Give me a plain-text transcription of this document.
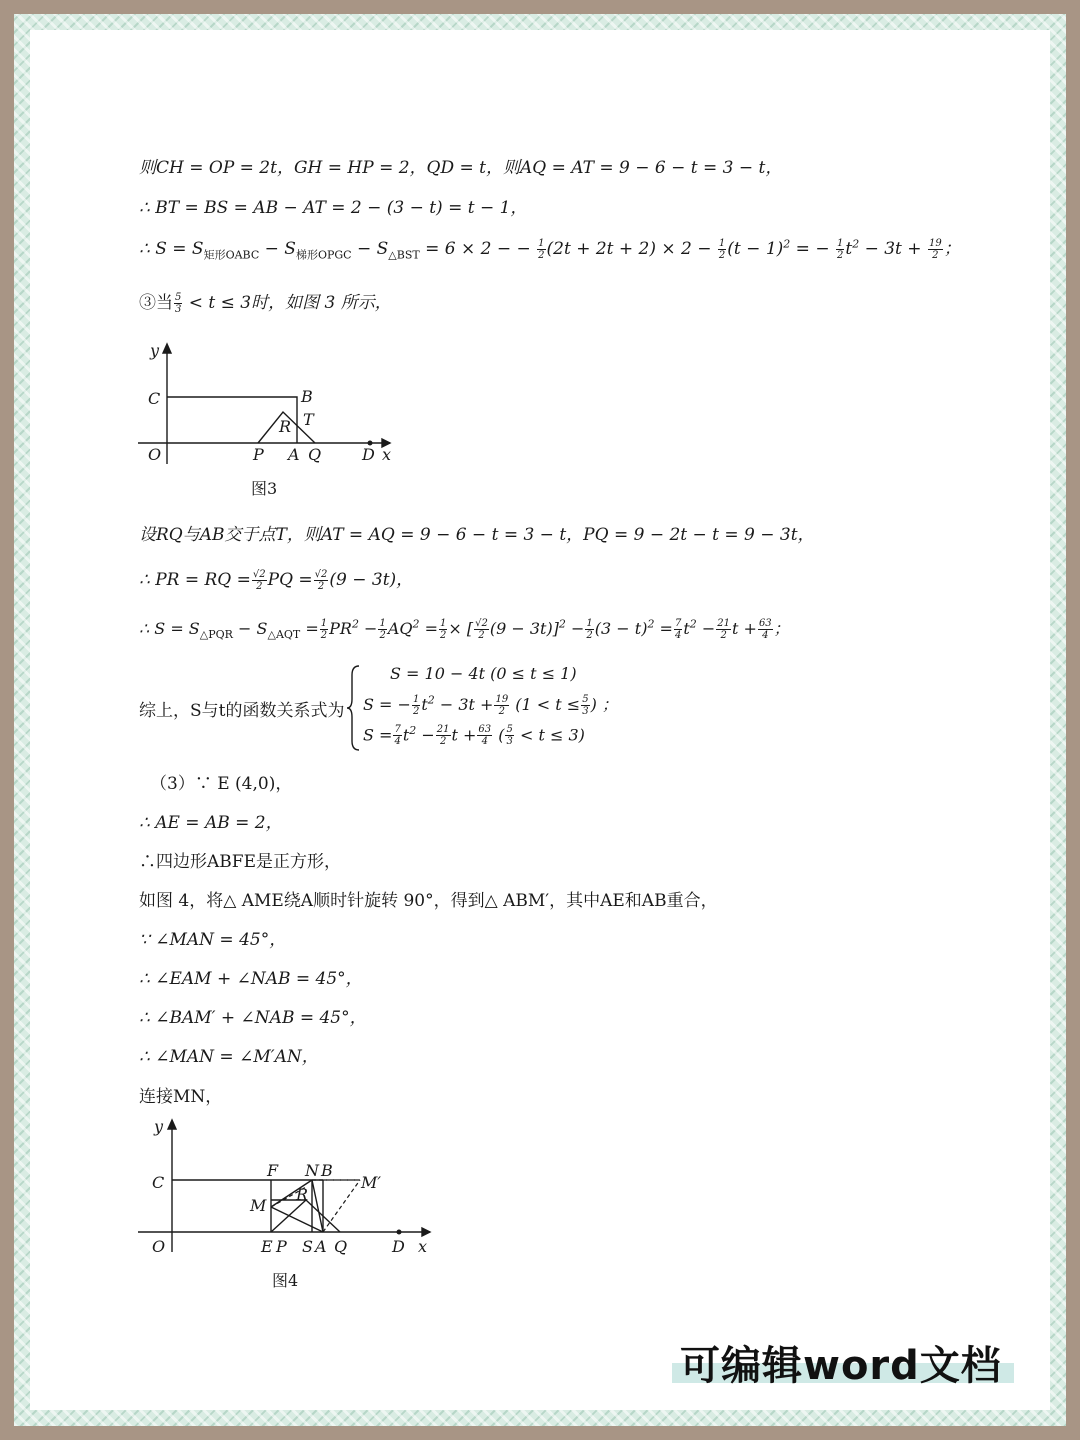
则CH = OP = 2t，GH = HP = 2，QD = t，则AQ = AT = 9 − 6 − t = 3 − t，
∴ BT = BS = AB − AT = 2 − (3 − t) = t − 1，
∴ $S = S_{矩形OABC} - S_{梯形OPGC} - S_{\triangle BST} = 6 \times 2$ − − $\frac{1}{2} (2t + 2t + 2) \times 2 - \frac{1}{2} (t - 1)^2$ = − $\frac{1}{2} t^2 - 3t + \frac{19}{2}$ ；
③当 $\frac{5}{3} < t \le 3$时，如图 3 所示，
y
x
O
C	B
R T
P A Q	D
图3
设RQ与AB交于点T，则AT = AQ = 9 − 6 − t = 3 − t，PQ = 9 − 2t − t = 9 − 3t，
∴ PR = RQ = $\frac{√2}{2}$ PQ = $\frac{√2}{2} (9 - 3t)$，
∴ $S = S_{\triangle PQR} - S_{\triangle AQT} = \frac{1}{2} PR^2 - \frac{1}{2} AQ^2 = \frac{1}{2}$ × [ $\frac{√2}{2} (9 - 3t)]^2 - \frac{1}{2} (3 - t)^2 = \frac{7}{4} t^2 - \frac{21}{2}$ $t + \frac{63}{4}$ ；
综上，S与t的函数关系式为
S = 10 − 4t (0 ≤ t ≤ 1)
S = − $\frac{1}{2} t^2 - 3t + \frac{19}{2} (1 < t \le \frac{5}{3}$ ) ；
$S = \frac{7}{4} t^2 - \frac{21}{2}$ $t + \frac{63}{4}$ ( $\frac{5}{3} < t \le 3$)
（3）∵ E (4,0)，
∴ AE = AB = 2，
∴四边形ABFE是正方形，
如图 4，将△ AME绕A顺时针旋转 90°，得到△ ABM′，其中AE和AB重合，
∵ ∠MAN = 45°，
∴ ∠EAM + ∠NAB = 45°，
∴ ∠BAM′ + ∠NAB = 45°，
∴ ∠MAN = ∠M′AN，
连接MN，
y
x
O
C
F N B
M′
M
R
E P S A Q	D
图4
可编辑word文档
